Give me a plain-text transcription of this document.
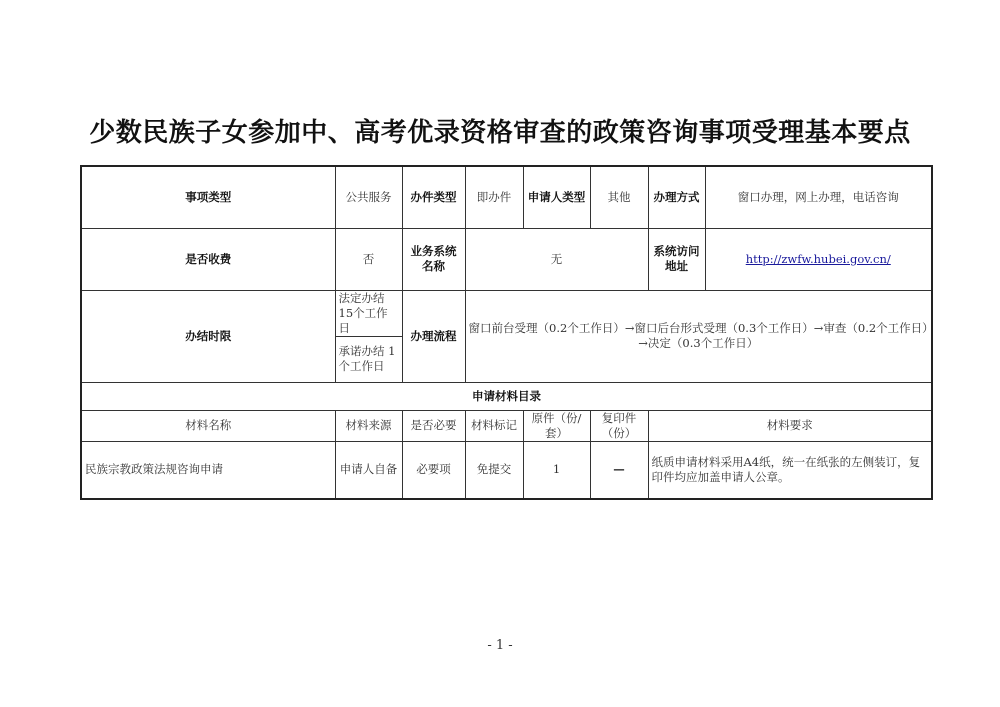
少数民族子女参加中、高考优录资格审查的政策咨询事项受理基本要点
事项类型	公共服务	办件类型	即办件	申请人类型	其他	办理方式	窗口办理，网上办理，电话咨询
是否收费	否	业务系统名称	无			系统访问地址	http://zwfw.hubei.gov.cn/
办结时限	法定办结15个工作日	办理流程	窗口前台受理（0.2个工作日）→窗口后台形式受理（0.3个工作日）→审查（0.2个工作日）→决定（0.3个工作日）				
	承诺办结 1 个工作日						
申请材料目录							
材料名称	材料来源	是否必要	材料标记	原件（份/套）	复印件（份）	材料要求	
民族宗教政策法规咨询申请	申请人自备	必要项	免提交	1	—	纸质申请材料采用A4纸，统一在纸张的左侧装订，复印件均应加盖申请人公章。	
- 1 -
